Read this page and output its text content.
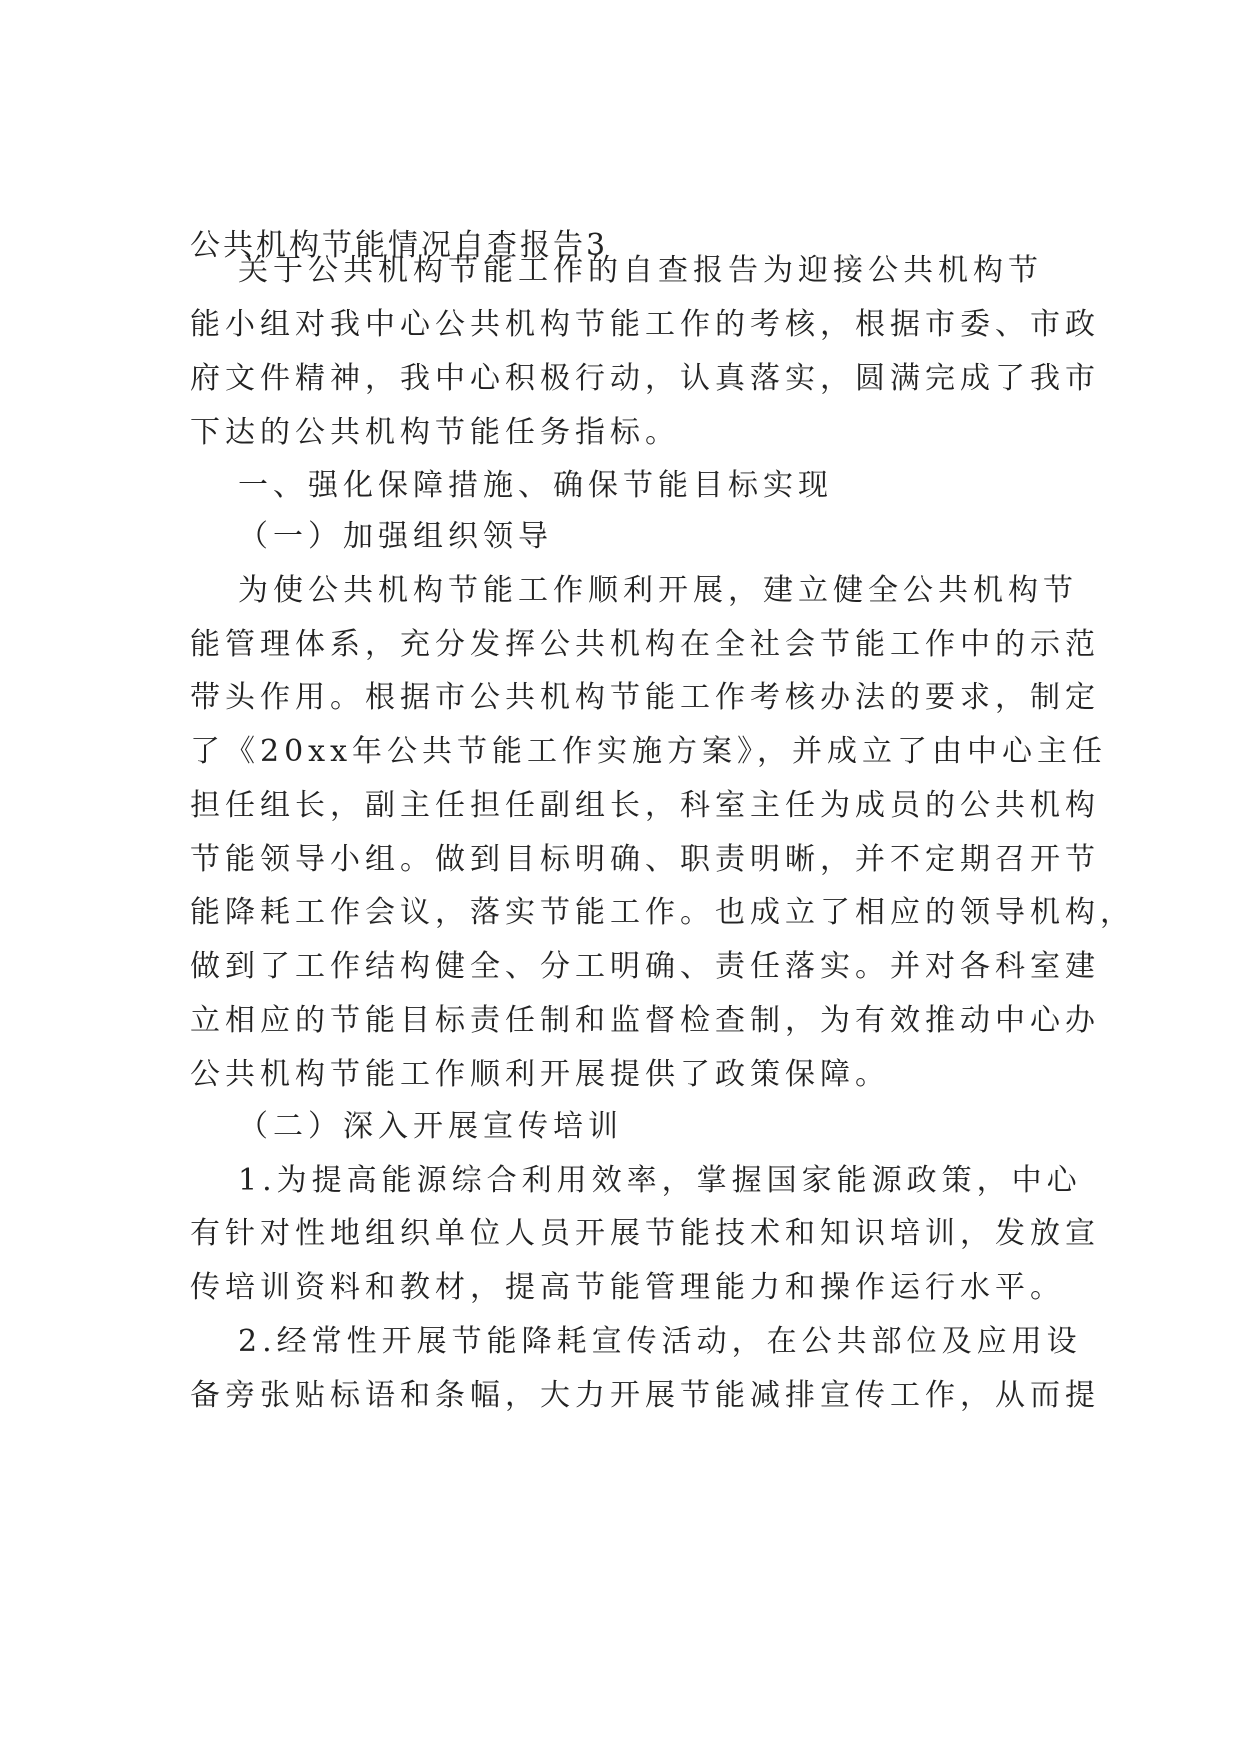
公共机构节能情况自查报告3

关于公共机构节能工作的自查报告为迎接公共机构节

能小组对我中心公共机构节能工作的考核，根据市委、市政

府文件精神，我中心积极行动，认真落实，圆满完成了我市

下达的公共机构节能任务指标。

一、强化保障措施、确保节能目标实现

（一）加强组织领导

为使公共机构节能工作顺利开展，建立健全公共机构节

能管理体系，充分发挥公共机构在全社会节能工作中的示范

带头作用。根据市公共机构节能工作考核办法的要求，制定

了《20xx年公共节能工作实施方案》，并成立了由中心主任

担任组长，副主任担任副组长，科室主任为成员的公共机构

节能领导小组。做到目标明确、职责明晰，并不定期召开节

能降耗工作会议，落实节能工作。也成立了相应的领导机构，

做到了工作结构健全、分工明确、责任落实。并对各科室建

立相应的节能目标责任制和监督检查制，为有效推动中心办

公共机构节能工作顺利开展提供了政策保障。

（二）深入开展宣传培训

1.为提高能源综合利用效率，掌握国家能源政策，中心

有针对性地组织单位人员开展节能技术和知识培训，发放宣

传培训资料和教材，提高节能管理能力和操作运行水平。

2.经常性开展节能降耗宣传活动，在公共部位及应用设

备旁张贴标语和条幅，大力开展节能减排宣传工作，从而提
